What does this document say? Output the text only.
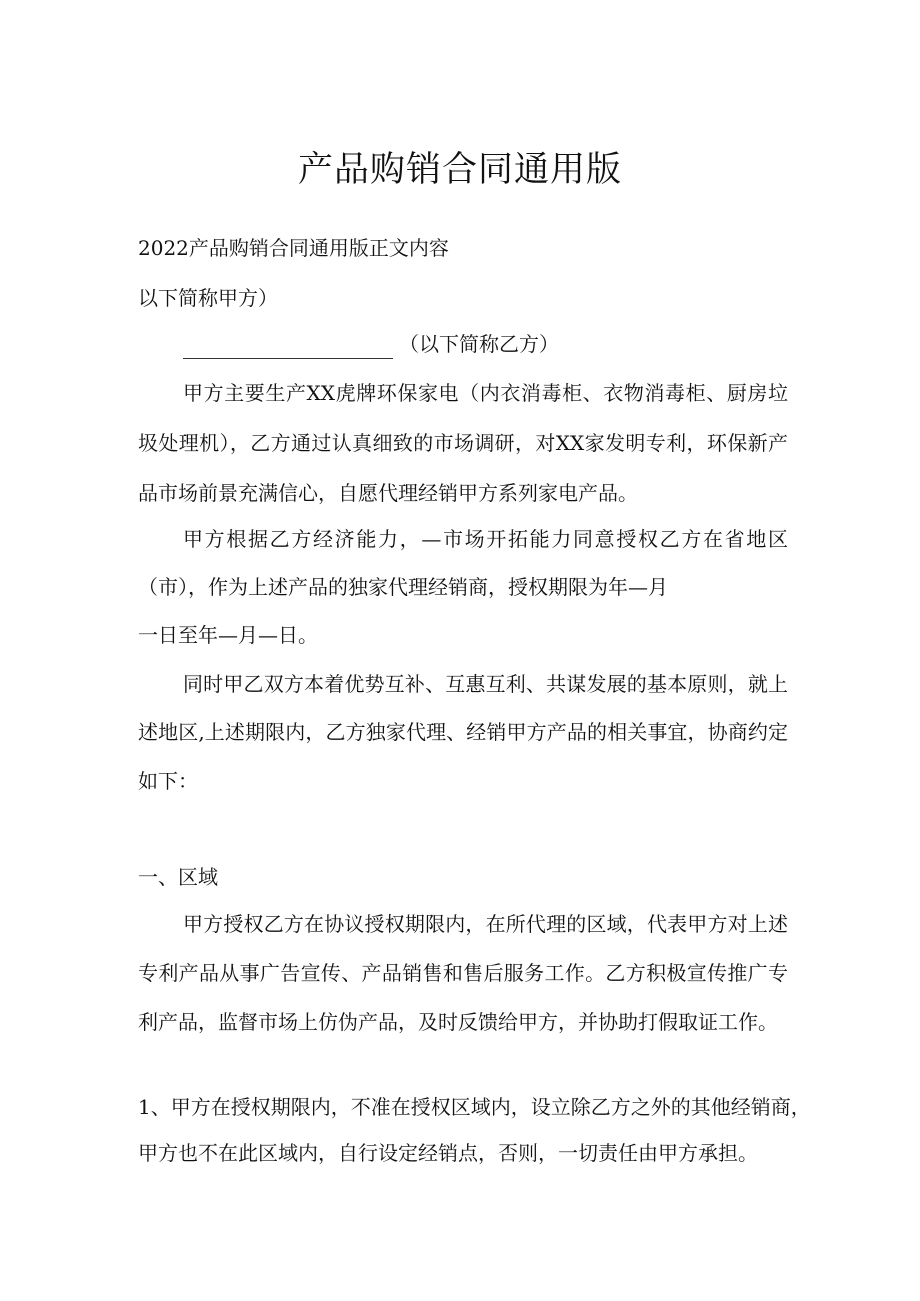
产品购销合同通用版
2022产品购销合同通用版正文内容
以下简称甲方）
（以下简称乙方）
甲方主要生产XX虎牌环保家电（内衣消毒柜、衣物消毒柜、厨房垃
圾处理机），乙方通过认真细致的市场调研，对XX家发明专利，环保新产
品市场前景充满信心，自愿代理经销甲方系列家电产品。
甲方根据乙方经济能力，—市场开拓能力同意授权乙方在省地区
（市），作为上述产品的独家代理经销商，授权期限为年—月
一日至年—月—日。
同时甲乙双方本着优势互补、互惠互利、共谋发展的基本原则，就上
述地区,上述期限内，乙方独家代理、经销甲方产品的相关事宜，协商约定
如下：
一、区域
甲方授权乙方在协议授权期限内，在所代理的区域，代表甲方对上述
专利产品从事广告宣传、产品销售和售后服务工作。乙方积极宣传推广专
利产品，监督市场上仿伪产品，及时反馈给甲方，并协助打假取证工作。
1、甲方在授权期限内，不准在授权区域内，设立除乙方之外的其他经销商，
甲方也不在此区域内，自行设定经销点，否则，一切责任由甲方承担。
